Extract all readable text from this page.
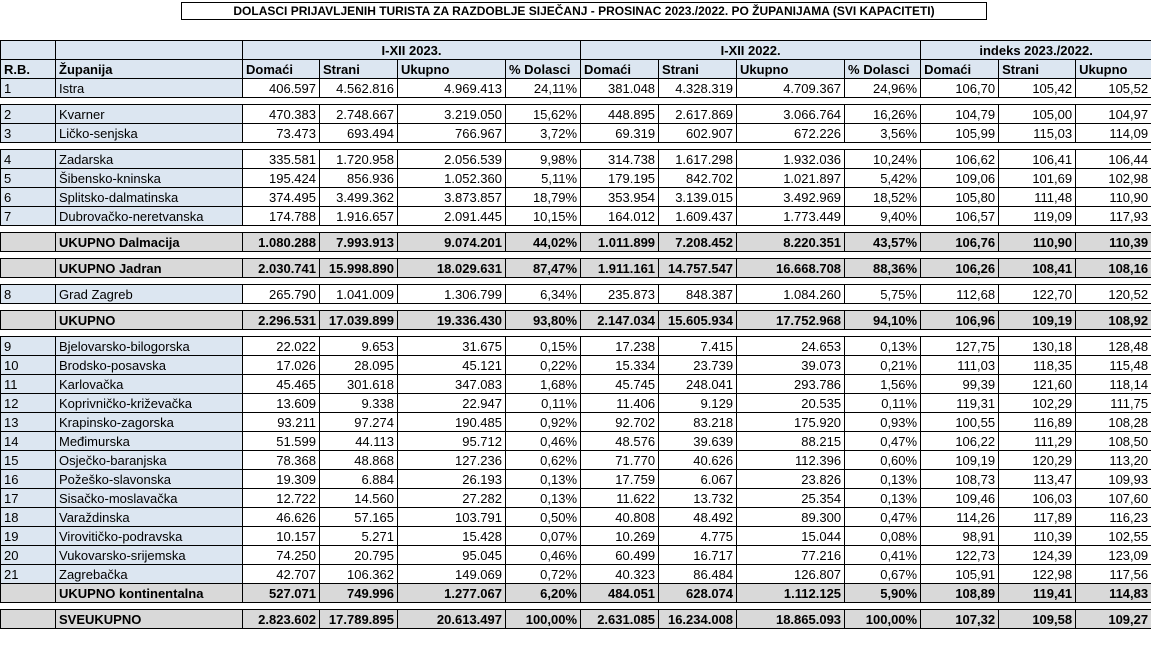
DOLASCI PRIJAVLJENIH TURISTA ZA RAZDOBLJE SIJEČANJ - PROSINAC 2023./2022. PO ŽUPANIJAMA (SVI KAPACITETI)
		I-XII 2023.				I-XII 2022.				indeks 2023./2022.		
R.B.	Županija	Domaći	Strani	Ukupno	% Dolasci	Domaći	Strani	Ukupno	% Dolasci	Domaći	Strani	Ukupno
1	Istra	406.597	4.562.816	4.969.413	24,11%	381.048	4.328.319	4.709.367	24,96%	106,70	105,42	105,52

2	Kvarner	470.383	2.748.667	3.219.050	15,62%	448.895	2.617.869	3.066.764	16,26%	104,79	105,00	104,97
3	Ličko-senjska	73.473	693.494	766.967	3,72%	69.319	602.907	672.226	3,56%	105,99	115,03	114,09

4	Zadarska	335.581	1.720.958	2.056.539	9,98%	314.738	1.617.298	1.932.036	10,24%	106,62	106,41	106,44
5	Šibensko-kninska	195.424	856.936	1.052.360	5,11%	179.195	842.702	1.021.897	5,42%	109,06	101,69	102,98
6	Splitsko-dalmatinska	374.495	3.499.362	3.873.857	18,79%	353.954	3.139.015	3.492.969	18,52%	105,80	111,48	110,90
7	Dubrovačko-neretvanska	174.788	1.916.657	2.091.445	10,15%	164.012	1.609.437	1.773.449	9,40%	106,57	119,09	117,93

	UKUPNO Dalmacija	1.080.288	7.993.913	9.074.201	44,02%	1.011.899	7.208.452	8.220.351	43,57%	106,76	110,90	110,39

	UKUPNO Jadran	2.030.741	15.998.890	18.029.631	87,47%	1.911.161	14.757.547	16.668.708	88,36%	106,26	108,41	108,16

8	Grad Zagreb	265.790	1.041.009	1.306.799	6,34%	235.873	848.387	1.084.260	5,75%	112,68	122,70	120,52

	UKUPNO	2.296.531	17.039.899	19.336.430	93,80%	2.147.034	15.605.934	17.752.968	94,10%	106,96	109,19	108,92

9	Bjelovarsko-bilogorska	22.022	9.653	31.675	0,15%	17.238	7.415	24.653	0,13%	127,75	130,18	128,48
10	Brodsko-posavska	17.026	28.095	45.121	0,22%	15.334	23.739	39.073	0,21%	111,03	118,35	115,48
11	Karlovačka	45.465	301.618	347.083	1,68%	45.745	248.041	293.786	1,56%	99,39	121,60	118,14
12	Koprivničko-križevačka	13.609	9.338	22.947	0,11%	11.406	9.129	20.535	0,11%	119,31	102,29	111,75
13	Krapinsko-zagorska	93.211	97.274	190.485	0,92%	92.702	83.218	175.920	0,93%	100,55	116,89	108,28
14	Međimurska	51.599	44.113	95.712	0,46%	48.576	39.639	88.215	0,47%	106,22	111,29	108,50
15	Osječko-baranjska	78.368	48.868	127.236	0,62%	71.770	40.626	112.396	0,60%	109,19	120,29	113,20
16	Požeško-slavonska	19.309	6.884	26.193	0,13%	17.759	6.067	23.826	0,13%	108,73	113,47	109,93
17	Sisačko-moslavačka	12.722	14.560	27.282	0,13%	11.622	13.732	25.354	0,13%	109,46	106,03	107,60
18	Varaždinska	46.626	57.165	103.791	0,50%	40.808	48.492	89.300	0,47%	114,26	117,89	116,23
19	Virovitičko-podravska	10.157	5.271	15.428	0,07%	10.269	4.775	15.044	0,08%	98,91	110,39	102,55
20	Vukovarsko-srijemska	74.250	20.795	95.045	0,46%	60.499	16.717	77.216	0,41%	122,73	124,39	123,09
21	Zagrebačka	42.707	106.362	149.069	0,72%	40.323	86.484	126.807	0,67%	105,91	122,98	117,56
	UKUPNO kontinentalna	527.071	749.996	1.277.067	6,20%	484.051	628.074	1.112.125	5,90%	108,89	119,41	114,83

	SVEUKUPNO	2.823.602	17.789.895	20.613.497	100,00%	2.631.085	16.234.008	18.865.093	100,00%	107,32	109,58	109,27
